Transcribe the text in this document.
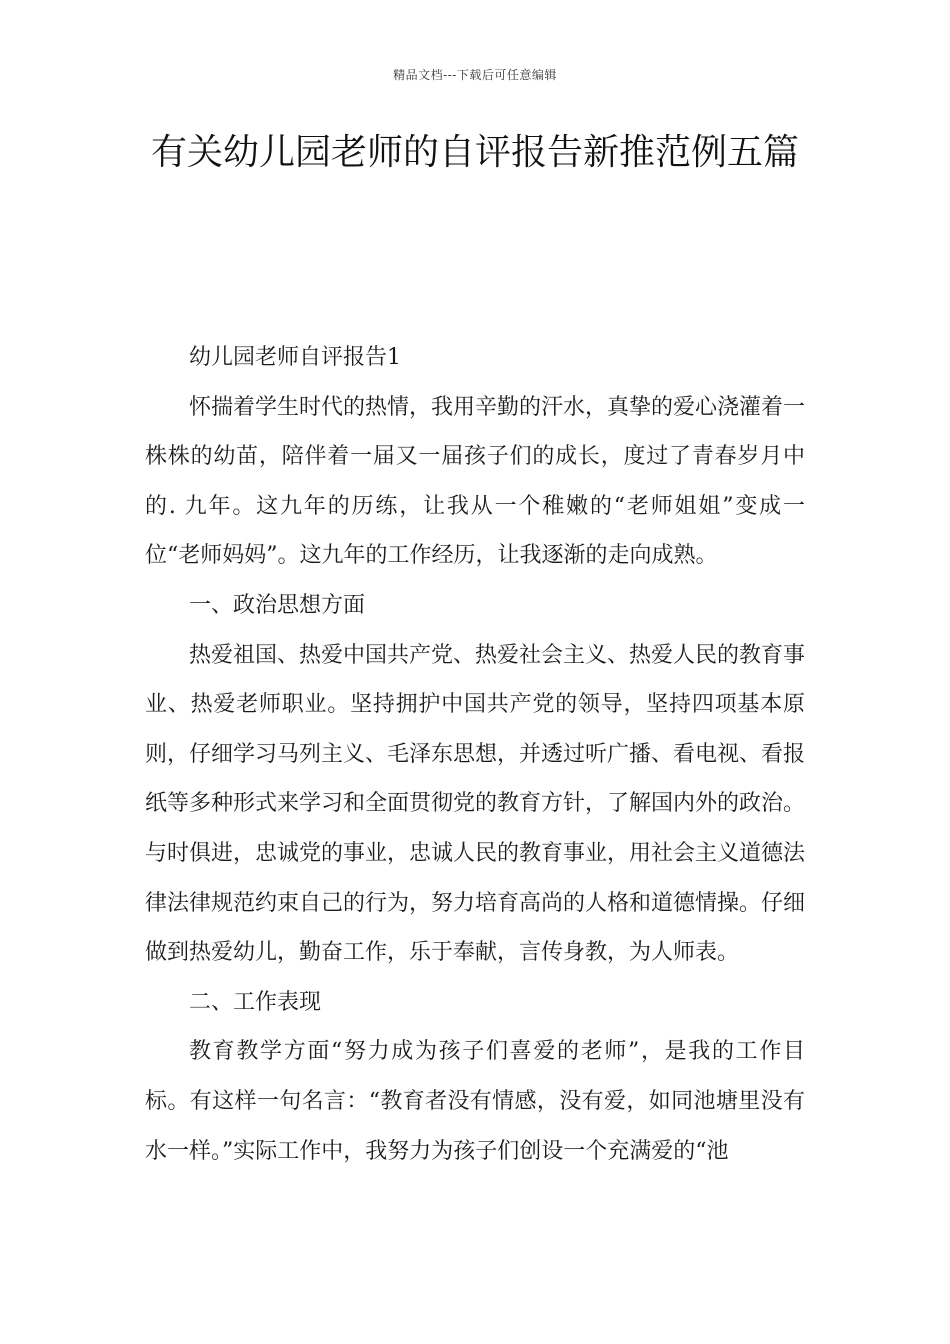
精品文档---下载后可任意编辑
有关幼儿园老师的自评报告新推范例五篇

幼儿园老师自评报告1

怀揣着学生时代的热情，我用辛勤的汗水，真挚的爱心浇灌着一株株的幼苗，陪伴着一届又一届孩子们的成长，度过了青春岁月中的. 九年。这九年的历练，让我从一个稚嫩的“老师姐姐”变成一位“老师妈妈”。这九年的工作经历，让我逐渐的走向成熟。

一、政治思想方面

热爱祖国、热爱中国共产党、热爱社会主义、热爱人民的教育事业、热爱老师职业。坚持拥护中国共产党的领导，坚持四项基本原则，仔细学习马列主义、毛泽东思想，并透过听广播、看电视、看报纸等多种形式来学习和全面贯彻党的教育方针，了解国内外的政治。与时俱进，忠诚党的事业，忠诚人民的教育事业，用社会主义道德法律法律规范约束自己的行为，努力培育高尚的人格和道德情操。仔细做到热爱幼儿，勤奋工作，乐于奉献，言传身教，为人师表。

二、工作表现

教育教学方面“努力成为孩子们喜爱的老师”，是我的工作目标。有这样一句名言：“教育者没有情感，没有爱，如同池塘里没有水一样。”实际工作中，我努力为孩子们创设一个充满爱的“池
